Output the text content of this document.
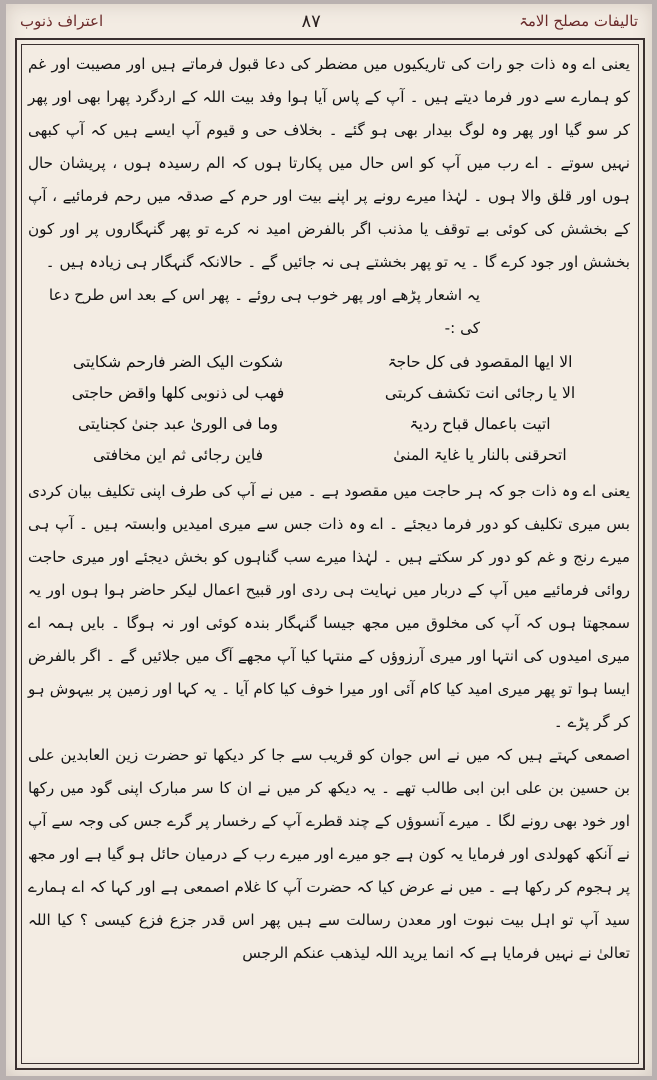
تالیفات مصلح الامۃ
۸۷
اعتراف ذنوب

یعنی اے وہ ذات جو رات کی تاریکیوں میں مضطر کی دعا قبول فرماتے ہیں اور مصیبت اور غم کو ہمارے سے دور فرما دیتے ہیں ۔ آپ کے پاس آیا ہوا وفد بیت اللہ کے اردگرد پھرا بھی اور پھر کر سو گیا اور پھر وہ لوگ بیدار بھی ہو گئے ۔ بخلاف حی و قیوم آپ ایسے ہیں کہ آپ کبھی نہیں سوتے ۔ اے رب میں آپ کو اس حال میں پکارتا ہوں کہ الم رسیدہ ہوں ، پریشان حال ہوں اور قلق والا ہوں ۔ لہٰذا میرے رونے پر اپنے بیت اور حرم کے صدقہ میں رحم فرمائیے ، آپ کے بخشش کی کوئی بے توقف یا مذنب اگر بالفرض امید نہ کرے تو پھر گنہگاروں پر اور کون بخشش اور جود کرے گا ۔ یہ تو پھر بخشتے ہی نہ جائیں گے ۔ حالانکہ گنہگار ہی زیادہ ہیں ۔

یہ اشعار پڑھے اور پھر خوب ہی روئے ۔ پھر اس کے بعد اس طرح دعا کی :-

الا ایھا المقصود فی کل حاجۃ
شکوت الیک الضر فارحم شکایتی
الا یا رجائی انت تکشف کربتی
فھب لی ذنوبی کلھا واقض حاجتی
اتیت باعمال قباح ردیۃ
وما فی الوریٰ عبد جنیٰ کجنایتی
اتحرقنی بالنار یا غایۃ المنیٰ
فاین رجائی ثم این مخافتی

یعنی اے وہ ذات جو کہ ہر حاجت میں مقصود ہے ۔ میں نے آپ کی طرف اپنی تکلیف بیان کردی بس میری تکلیف کو دور فرما دیجئے ۔ اے وہ ذات جس سے میری امیدیں وابستہ ہیں ۔ آپ ہی میرے رنج و غم کو دور کر سکتے ہیں ۔ لہٰذا میرے سب گناہوں کو بخش دیجئے اور میری حاجت روائی فرمائیے میں آپ کے دربار میں نہایت ہی ردی اور قبیح اعمال لیکر حاضر ہوا ہوں اور یہ سمجھتا ہوں کہ آپ کی مخلوق میں مجھ جیسا گنہگار بندہ کوئی اور نہ ہوگا ۔ بایں ہمہ اے میری امیدوں کی انتہا اور میری آرزوؤں کے منتہا کیا آپ مجھے آگ میں جلائیں گے ۔ اگر بالفرض ایسا ہوا تو پھر میری امید کیا کام آئی اور میرا خوف کیا کام آیا ۔ یہ کہا اور زمین پر بیہوش ہو کر گر پڑے ۔

اصمعی کہتے ہیں کہ میں نے اس جوان کو قریب سے جا کر دیکھا تو حضرت زین العابدین علی بن حسین بن علی ابن ابی طالب تھے ۔ یہ دیکھ کر میں نے ان کا سر مبارک اپنی گود میں رکھا اور خود بھی رونے لگا ۔ میرے آنسوؤں کے چند قطرے آپ کے رخسار پر گرے جس کی وجہ سے آپ نے آنکھ کھولدی اور فرمایا یہ کون ہے جو میرے اور میرے رب کے درمیان حائل ہو گیا ہے اور مجھ پر ہجوم کر رکھا ہے ۔ میں نے عرض کیا کہ حضرت آپ کا غلام اصمعی ہے اور کہا کہ اے ہمارے سید آپ تو اہل بیت نبوت اور معدن رسالت سے ہیں پھر اس قدر جزع فزع کیسی ؟ کیا اللہ تعالیٰ نے نہیں فرمایا ہے کہ انما یرید اللہ لیذھب عنکم الرجس
